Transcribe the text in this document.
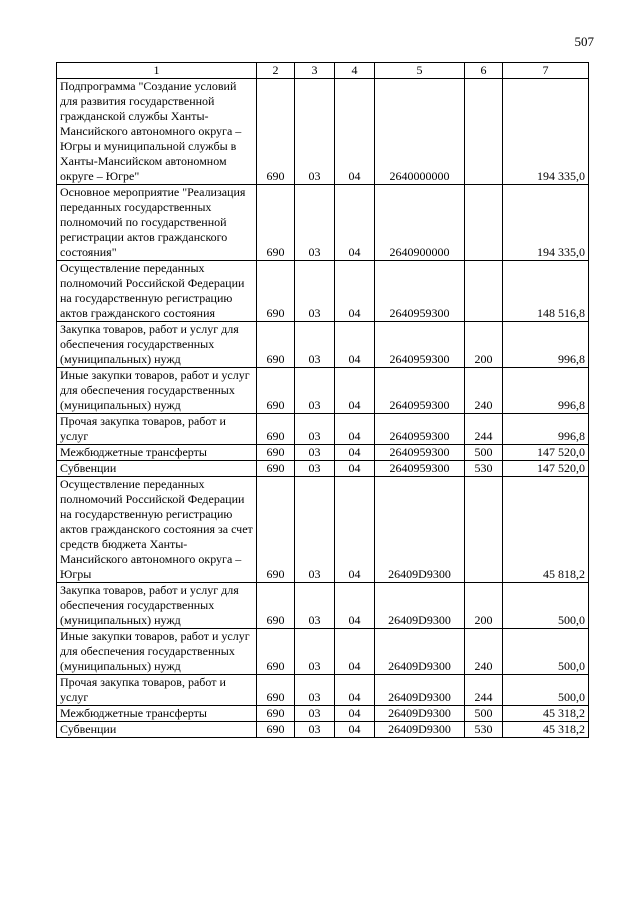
507
1	2	3	4	5	6	7
Подпрограмма "Создание условий для развития государственной гражданской службы Ханты-Мансийского автономного округа – Югры и муниципальной службы в Ханты-Мансийском автономном округе – Югре"	690	03	04	2640000000		194 335,0
Основное мероприятие "Реализация переданных государственных полномочий по государственной регистрации актов гражданского состояния"	690	03	04	2640900000		194 335,0
Осуществление переданных полномочий Российской Федерации на государственную регистрацию актов гражданского состояния	690	03	04	2640959300		148 516,8
Закупка товаров, работ и услуг для обеспечения государственных (муниципальных) нужд	690	03	04	2640959300	200	996,8
Иные закупки товаров, работ и услуг для обеспечения государственных (муниципальных) нужд	690	03	04	2640959300	240	996,8
Прочая закупка товаров, работ и услуг	690	03	04	2640959300	244	996,8
Межбюджетные трансферты	690	03	04	2640959300	500	147 520,0
Субвенции	690	03	04	2640959300	530	147 520,0
Осуществление переданных полномочий Российской Федерации на государственную регистрацию актов гражданского состояния за счет средств бюджета Ханты-Мансийского автономного округа – Югры	690	03	04	26409D9300		45 818,2
Закупка товаров, работ и услуг для обеспечения государственных (муниципальных) нужд	690	03	04	26409D9300	200	500,0
Иные закупки товаров, работ и услуг для обеспечения государственных (муниципальных) нужд	690	03	04	26409D9300	240	500,0
Прочая закупка товаров, работ и услуг	690	03	04	26409D9300	244	500,0
Межбюджетные трансферты	690	03	04	26409D9300	500	45 318,2
Субвенции	690	03	04	26409D9300	530	45 318,2
